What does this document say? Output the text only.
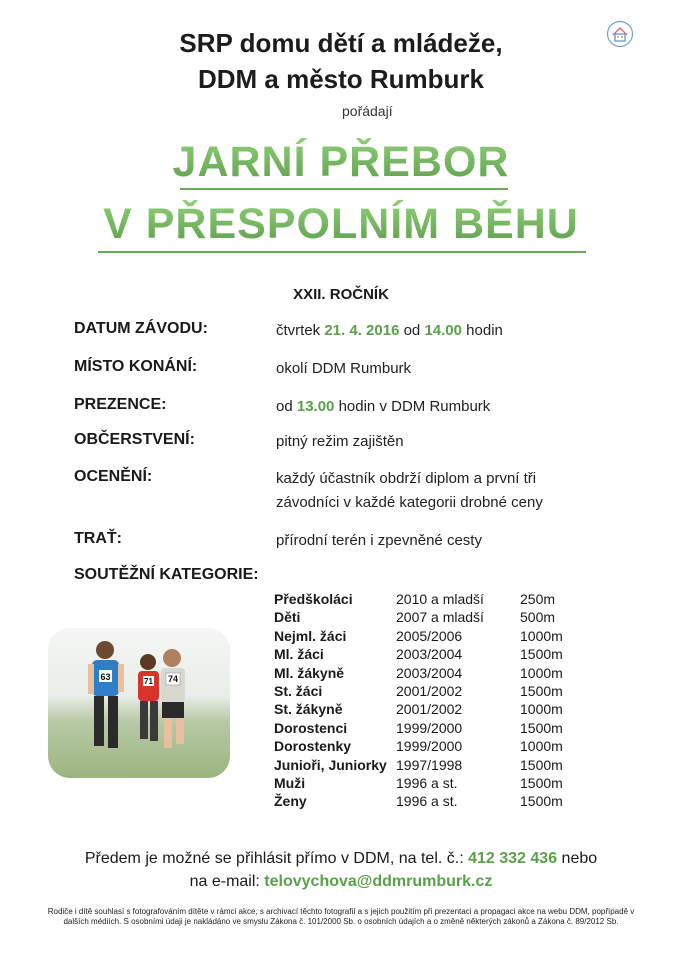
SRP domu dětí a mládeže,
DDM a město Rumburk
pořádají
JARNÍ PŘEBOR
V PŘESPOLNÍM BĚHU
XXII. ROČNÍK
DATUM ZÁVODU:	čtvrtek 21. 4. 2016 od 14.00 hodin
MÍSTO KONÁNÍ:	okolí DDM Rumburk
PREZENCE:	od 13.00 hodin v DDM Rumburk
OBČERSTVENÍ:	pitný režim zajištěn
OCENĚNÍ:	každý účastník obdrží diplom a první tři
závodníci v každé kategorii drobné ceny
TRAŤ:	přírodní terén i zpevněné cesty
SOUTĚŽNÍ KATEGORIE:
63	71 74
Předškoláci	2010 a mladší	250m
Děti	2007 a mladší	500m
Nejml. žáci	2005/2006	1000m
Ml. žáci	2003/2004	1500m
Ml. žákyně	2003/2004	1000m
St. žáci	2001/2002	1500m
St. žákyně	2001/2002	1000m
Dorostenci	1999/2000	1500m
Dorostenky	1999/2000	1000m
Junioři, Juniorky 1997/1998	1500m
Muži	1996 a st.	1500m
Ženy	1996 a st.	1500m
Předem je možné se přihlásit přímo v DDM, na tel. č.: 412 332 436 nebo
na e-mail: telovychova@ddmrumburk.cz
Rodiče i dítě souhlasí s fotografováním dítěte v rámci akce, s archivací těchto fotografií a s jejich použitím při prezentaci a propagaci akce na webu DDM, popřípadě v dalších médiích. S osobními údaji je nakládáno ve smyslu Zákona č. 101/2000 Sb. o osobních údajích a o změně některých zákonů a Zákona č. 89/2012 Sb.
